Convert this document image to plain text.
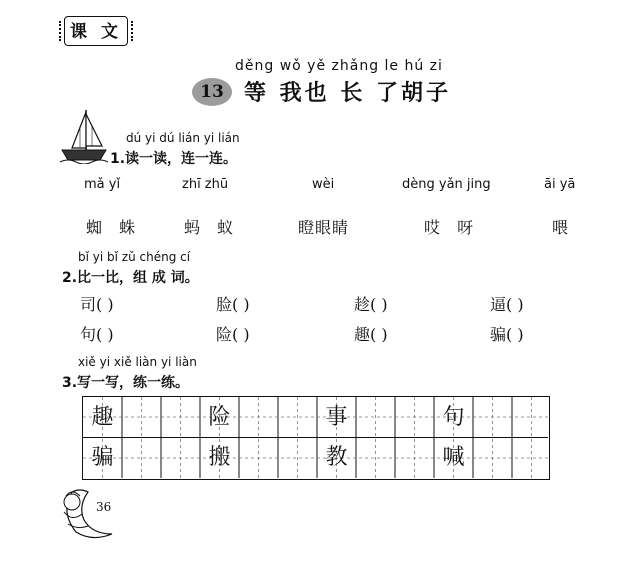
课 文
děng wǒ yě zhǎng le hú zi
13 等 我也 长 了胡子
dú yi dú lián yi lián
1.读一读，连一连。
mǎ yǐ	zhī zhū	wèi	dèng yǎn jing	āi yā
蜘 蛛	蚂 蚁	瞪眼睛	哎 呀	喂
bǐ yi bǐ zǔ chéng cí
2.比一比，组 成 词。
司( )	脸( )	趁( )	逼( )
句( )	险( )	趣( )	骗( )
xiě yi xiě liàn yi liàn
3.写一写，练一练。
趣	险	事	句
骗	搬	教	喊
36
